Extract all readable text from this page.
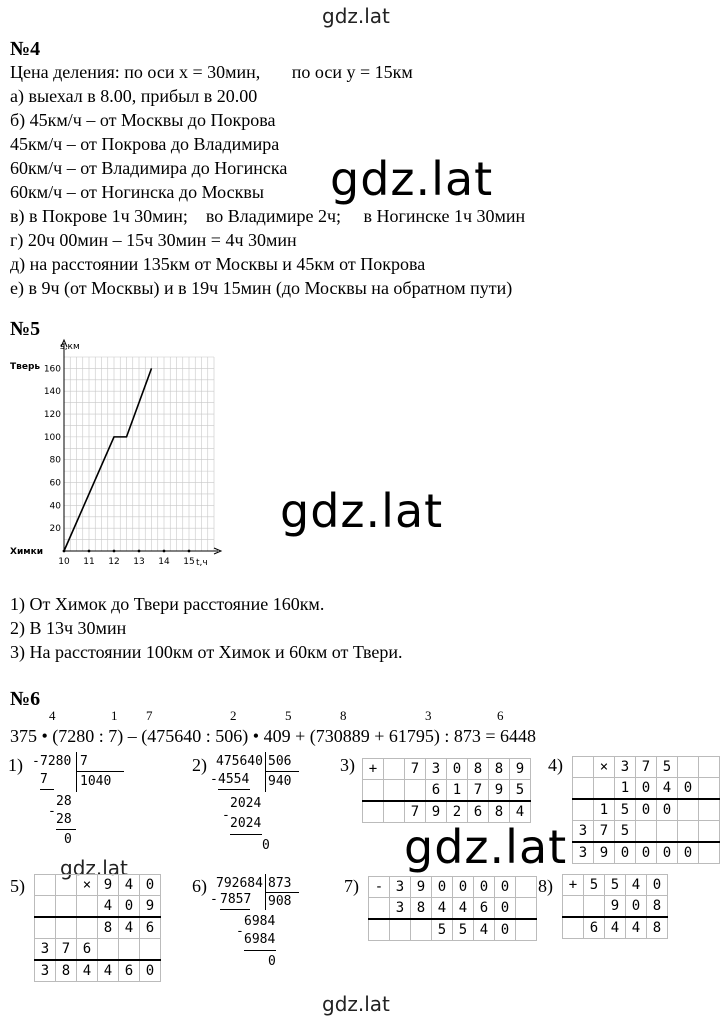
gdz.lat
№4
Цена деления: по оси x = 30мин,       по оси y = 15км
а) выехал в 8.00, прибыл в 20.00
б) 45км/ч – от Москвы до Покрова
45км/ч – от Покрова до Владимира
60км/ч – от Владимира до Ногинска
60км/ч – от Ногинска до Москвы
в) в Покрове 1ч 30мин;    во Владимире 2ч;     в Ногинске 1ч 30мин
г) 20ч 00мин – 15ч 30мин = 4ч 30мин
д) на расстоянии 135км от Москвы и 45км от Покрова
е) в 9ч (от Москвы) и в 19ч 15мин (до Москвы на обратном пути)
gdz.lat
№5
20
40
60
80
100
120
140
160
10 11 12 13 14 15
s,км
Тверь
Химки
t,ч
gdz.lat
1) От Химок до Твери расстояние 160км.
2) В 13ч 30мин
3) На расстоянии 100км от Химок и 60км от Твери.
№6
4	1 7	2	5	8	3	6
375 • (7280 : 7) – (475640 : 506) • 409 + (730889 + 61795) : 873 = 6448
1) - 7280 7
1040
7
28
-
28
0
gdz.lat
2) 475640 506
940
- 4554
2024
-
2024
0
3) +		7	3	0	8	8	9
			6	1	7	9	5
		7	9	2	6	8	4
4)
		×	3	7	5		
		1	0	4	0	
	1	5	0	0		
3	7	5				
3	9	0	0	0	0	
gdz.lat
5)
			×	9	4	0
			4	0	9
			8	4	6
3	7	6			
3	8	4	4	6	0
6) 792684 873
908
- 7857
6984
-
6984
0
7) -	3	9	0	0	0	0	
	3	8	4	4	6	0	
			5	5	4	0	
8) +	5	5	4	0
		9	0	8
	6	4	4	8
gdz.lat
